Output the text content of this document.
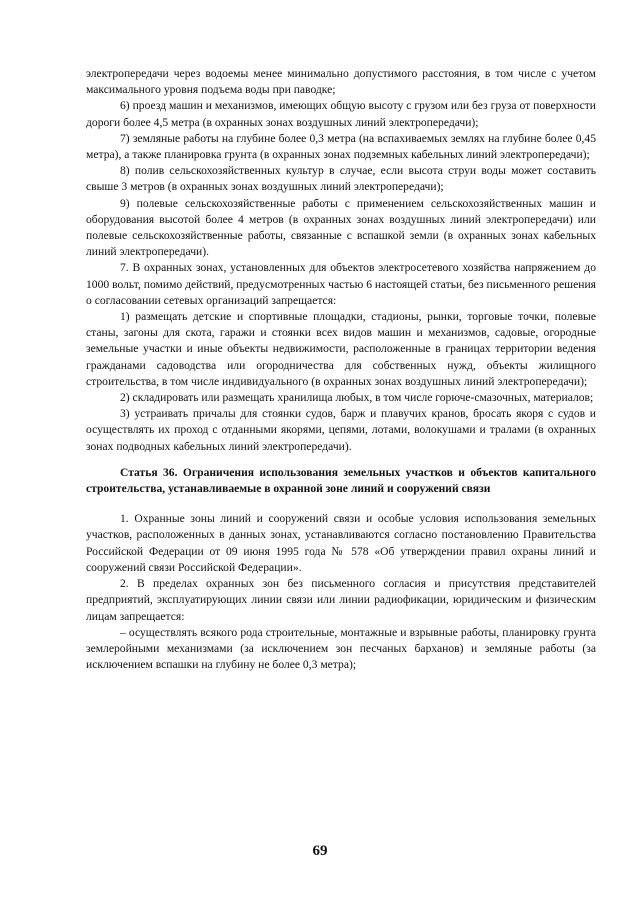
электропередачи через водоемы менее минимально допустимого расстояния, в том числе с учетом максимального уровня подъема воды при паводке;

6) проезд машин и механизмов, имеющих общую высоту с грузом или без груза от поверхности дороги более 4,5 метра (в охранных зонах воздушных линий электропередачи);

7) земляные работы на глубине более 0,3 метра (на вспахиваемых землях на глубине более 0,45 метра), а также планировка грунта (в охранных зонах подземных кабельных линий электропередачи);

8) полив сельскохозяйственных культур в случае, если высота струи воды может составить свыше 3 метров (в охранных зонах воздушных линий электропередачи);

9) полевые сельскохозяйственные работы с применением сельскохозяйственных машин и оборудования высотой более 4 метров (в охранных зонах воздушных линий электропередачи) или полевые сельскохозяйственные работы, связанные с вспашкой земли (в охранных зонах кабельных линий электропередачи).

7. В охранных зонах, установленных для объектов электросетевого хозяйства напряжением до 1000 вольт, помимо действий, предусмотренных частью 6 настоящей статьи, без письменного решения о согласовании сетевых организаций запрещается:

1) размещать детские и спортивные площадки, стадионы, рынки, торговые точки, полевые станы, загоны для скота, гаражи и стоянки всех видов машин и механизмов, садовые, огородные земельные участки и иные объекты недвижимости, расположенные в границах территории ведения гражданами садоводства или огородничества для собственных нужд, объекты жилищного строительства, в том числе индивидуального (в охранных зонах воздушных линий электропередачи);

2) складировать или размещать хранилища любых, в том числе горюче-смазочных, материалов;

3) устраивать причалы для стоянки судов, барж и плавучих кранов, бросать якоря с судов и осуществлять их проход с отданными якорями, цепями, лотами, волокушами и тралами (в охранных зонах подводных кабельных линий электропередачи).

Статья 36. Ограничения использования земельных участков и объектов капитального строительства, устанавливаемые в охранной зоне линий и сооружений связи

1. Охранные зоны линий и сооружений связи и особые условия использования земельных участков, расположенных в данных зонах, устанавливаются согласно постановлению Правительства Российской Федерации от 09 июня 1995 года № 578 «Об утверждении правил охраны линий и сооружений связи Российской Федерации».

2. В пределах охранных зон без письменного согласия и присутствия представителей предприятий, эксплуатирующих линии связи или линии радиофикации, юридическим и физическим лицам запрещается:

– осуществлять всякого рода строительные, монтажные и взрывные работы, планировку грунта землеройными механизмами (за исключением зон песчаных барханов) и земляные работы (за исключением вспашки на глубину не более 0,3 метра);

69
